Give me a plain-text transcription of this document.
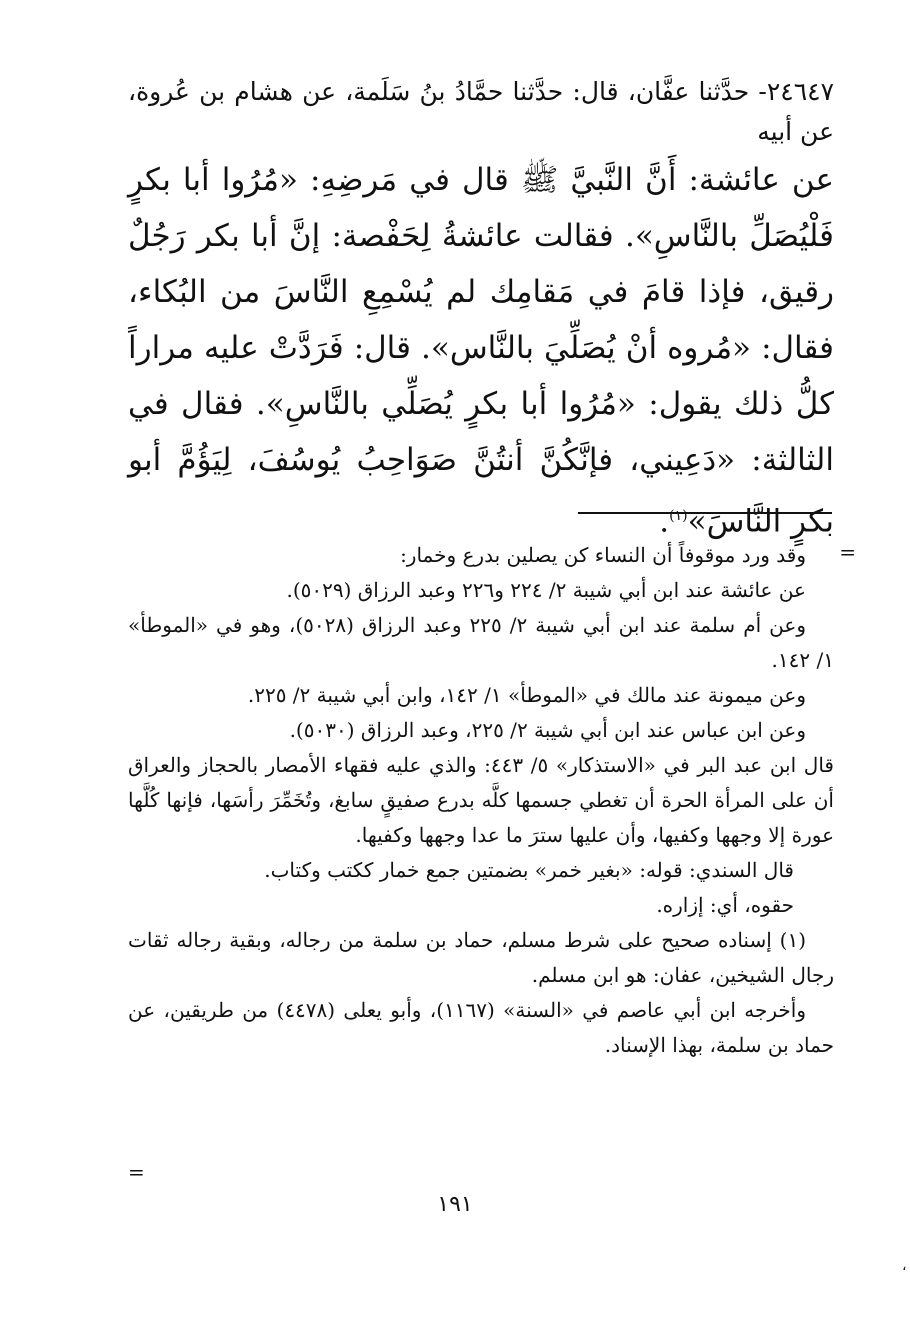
٢٤٦٤٧- حدَّثنا عفَّان، قال: حدَّثنا حمَّادُ بنُ سَلَمة، عن هشام بن عُروة، عن أبيه

عن عائشة: أَنَّ النَّبيَّ ﷺ قال في مَرضِهِ: «مُرُوا أبا بكرٍ فَلْيُصَلِّ بالنَّاسِ». فقالت عائشةُ لِحَفْصة: إنَّ أبا بكر رَجُلٌ رقيق، فإذا قامَ في مَقامِك لم يُسْمِعِ النَّاسَ من البُكاء، فقال: «مُروه أنْ يُصَلِّيَ بالنَّاس». قال: فَرَدَّتْ عليه مراراً كلُّ ذلك يقول: «مُرُوا أبا بكرٍ يُصَلِّي بالنَّاسِ». فقال في الثالثة: «دَعِيني، فإنَّكُنَّ أنتُنَّ صَوَاحِبُ يُوسُفَ، لِيَؤُمَّ أبو بكرٍ النَّاسَ»$^{(١)}$.

=

وقد ورد موقوفاً أن النساء كن يصلين بدرع وخمار:

عن عائشة عند ابن أبي شيبة ٢/ ٢٢٤ و٢٢٦ وعبد الرزاق (٥٠٢٩).

وعن أم سلمة عند ابن أبي شيبة ٢/ ٢٢٥ وعبد الرزاق (٥٠٢٨)، وهو في «الموطأ» ١/ ١٤٢.

وعن ميمونة عند مالك في «الموطأ» ١/ ١٤٢، وابن أبي شيبة ٢/ ٢٢٥.

وعن ابن عباس عند ابن أبي شيبة ٢/ ٢٢٥، وعبد الرزاق (٥٠٣٠).

قال ابن عبد البر في «الاستذكار» ٥/ ٤٤٣: والذي عليه فقهاء الأمصار بالحجاز والعراق أن على المرأة الحرة أن تغطي جسمها كلَّه بدرع صفيقٍ سابغ، وتُخَمِّرَ رأسَها، فإنها كُلَّها عورة إلا وجهها وكفيها، وأن عليها سترَ ما عدا وجهها وكفيها.

قال السندي: قوله: «بغير خمر» بضمتين جمع خمار ككتب وكتاب.

حقوه، أي: إزاره.

(١) إسناده صحيح على شرط مسلم، حماد بن سلمة من رجاله، وبقية رجاله ثقات رجال الشيخين، عفان: هو ابن مسلم.

وأخرجه ابن أبي عاصم في «السنة» (١١٦٧)، وأبو يعلى (٤٤٧٨) من طريقين، عن حماد بن سلمة، بهذا الإسناد.

=
١٩١
،
